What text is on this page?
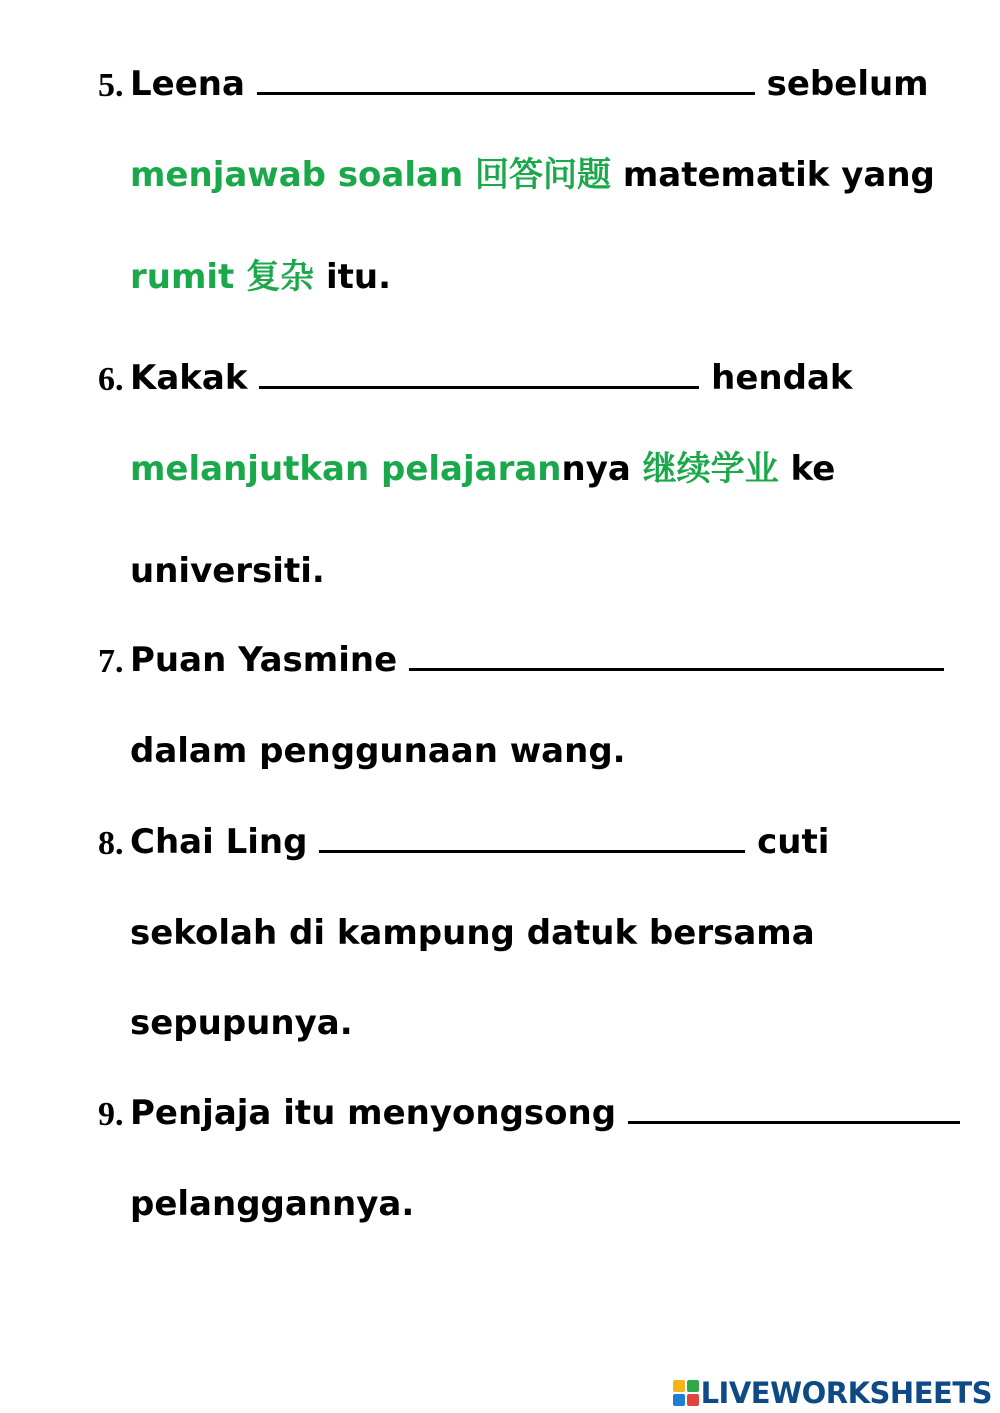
5. Leena	sebelum
menjawab soalan 回答问题 matematik yang
rumit 复杂 itu.
6. Kakak	hendak
melanjutkan pelajarannya 继续学业 ke
universiti.
7. Puan Yasmine
dalam penggunaan wang.
8. Chai Ling	cuti
sekolah di kampung datuk bersama
sepupunya.
9. Penjaja itu menyongsong
pelanggannya.
LIVEWORKSHEETS
